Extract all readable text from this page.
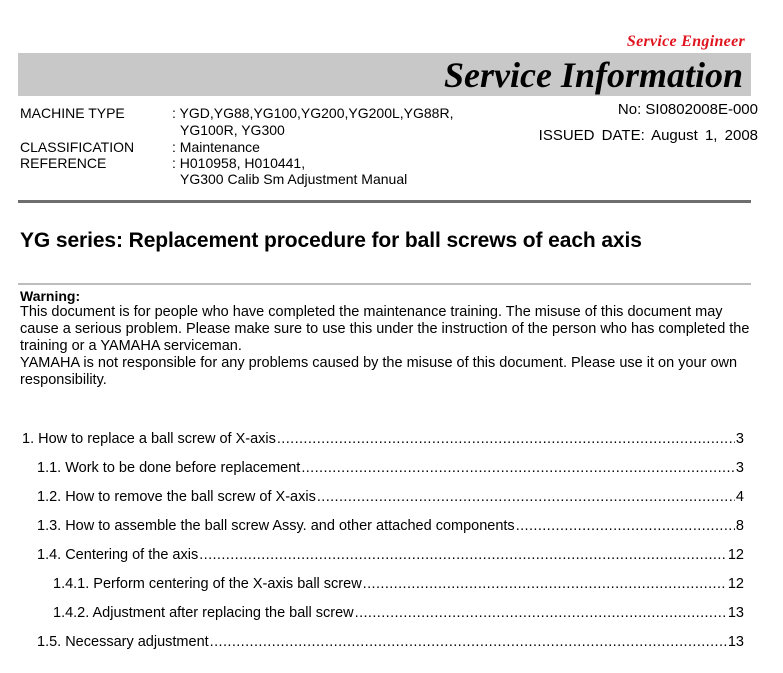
Service Engineer
Service Information
MACHINE TYPE	: YGD,YG88,YG100,YG200,YG200L,YG88R,
YG100R, YG300
CLASSIFICATION	: Maintenance
REFERENCE	: H010958, H010441,
YG300 Calib Sm Adjustment Manual
No: SI0802008E-000
ISSUED DATE: August 1, 2008
YG series: Replacement procedure for ball screws of each axis
Warning:

This document is for people who have completed the maintenance training. The misuse of this document may cause a serious problem. Please make sure to use this under the instruction of the person who has completed the training or a YAMAHA serviceman.

YAMAHA is not responsible for any problems caused by the misuse of this document. Please use it on your own responsibility.

1. How to replace a ball screw of X-axis .....	3
1.1. Work to be done before replacement .....	3
1.2. How to remove the ball screw of X-axis .....	4
1.3. How to assemble the ball screw Assy. and other attached components .....	8
1.4. Centering of the axis .....	12
1.4.1. Perform centering of the X-axis ball screw .....	12
1.4.2. Adjustment after replacing the ball screw .....	13
1.5. Necessary adjustment .....	13
